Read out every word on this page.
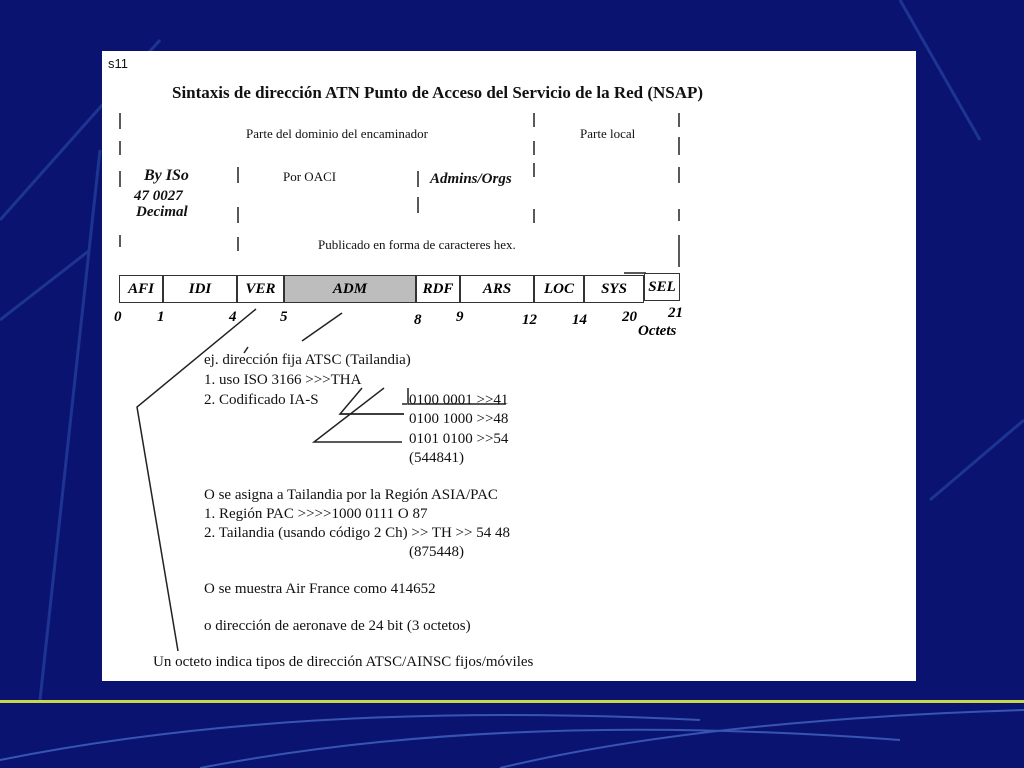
s11
Sintaxis de dirección ATN Punto de Acceso del Servicio de la Red (NSAP)
Parte del dominio del encaminador	Parte local
By ISo
47 0027
Decimal
Por OACI	Admins/Orgs
Publicado en forma de caracteres hex.
AFI	IDI	VER	ADM	RDF	ARS	LOC	SYS	SEL
0 1	4	5	8 9	12 14 20 21
Octets
ej. dirección fija ATSC (Tailandia)
1. uso ISO 3166 >>>THA
2. Codificado IA-S	0100 0001 >>41
0100 1000 >>48
0101 0100 >>54
(544841)
O se asigna a Tailandia por la Región ASIA/PAC
1. Región PAC >>>>1000 0111 O 87
2. Tailandia (usando código 2 Ch) >> TH >> 54 48
(875448)
O se muestra Air France como 414652
o dirección de aeronave de 24 bit (3 octetos)
Un octeto indica tipos de dirección ATSC/AINSC fijos/móviles
